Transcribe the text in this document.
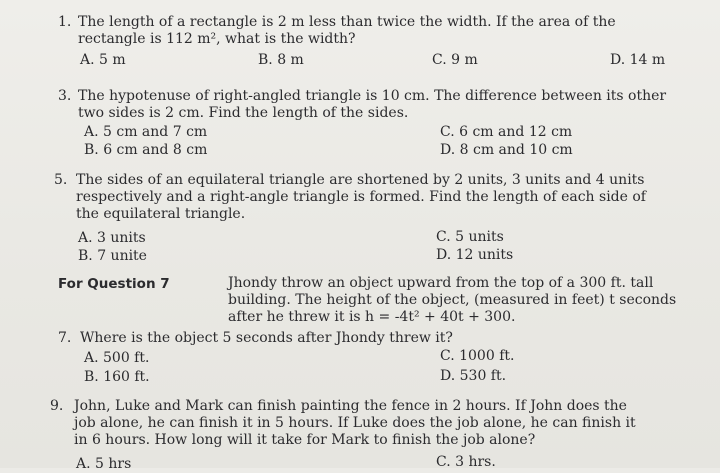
1. The length of a rectangle is 2 m less than twice the width. If the area of the
rectangle is 112 m², what is the width?
A. 5 m	B. 8 m	C. 9 m	D. 14 m
3. The hypotenuse of right-angled triangle is 10 cm. The difference between its other
two sides is 2 cm. Find the length of the sides.
A. 5 cm and 7 cm	C. 6 cm and 12 cm
B. 6 cm and 8 cm	D. 8 cm and 10 cm
5. The sides of an equilateral triangle are shortened by 2 units, 3 units and 4 units
respectively and a right-angle triangle is formed. Find the length of each side of
the equilateral triangle.
A. 3 units	C. 5 units
B. 7 unite	D. 12 units
For Question 7	Jhondy throw an object upward from the top of a 300 ft. tall
building. The height of the object, (measured in feet) t seconds
after he threw it is h = -4t² + 40t + 300.
7. Where is the object 5 seconds after Jhondy threw it?
A. 500 ft.	C. 1000 ft.
B. 160 ft.	D. 530 ft.
9. John, Luke and Mark can finish painting the fence in 2 hours. If John does the
job alone, he can finish it in 5 hours. If Luke does the job alone, he can finish it
in 6 hours. How long will it take for Mark to finish the job alone?
A. 5 hrs	C. 3 hrs.
